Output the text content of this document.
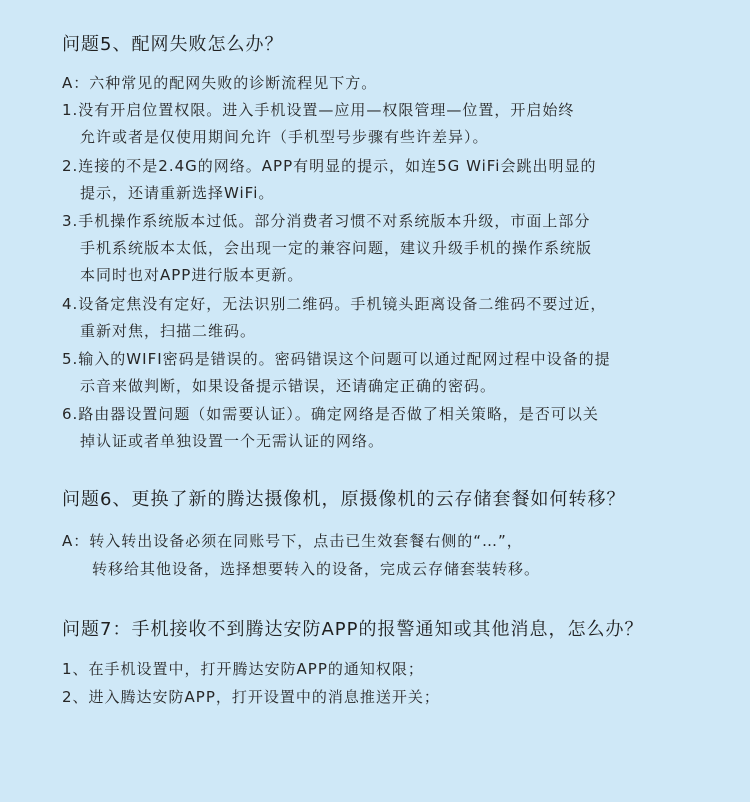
问题5、配网失败怎么办？
A：六种常见的配网失败的诊断流程见下方。
1.没有开启位置权限。进入手机设置—应用—权限管理—位置，开启始终
允许或者是仅使用期间允许（手机型号步骤有些许差异）。
2.连接的不是2.4G的网络。APP有明显的提示，如连5G WiFi会跳出明显的
提示，还请重新选择WiFi。
3.手机操作系统版本过低。部分消费者习惯不对系统版本升级，市面上部分
手机系统版本太低，会出现一定的兼容问题，建议升级手机的操作系统版
本同时也对APP进行版本更新。
4.设备定焦没有定好，无法识别二维码。手机镜头距离设备二维码不要过近，
重新对焦，扫描二维码。
5.输入的WIFI密码是错误的。密码错误这个问题可以通过配网过程中设备的提
示音来做判断，如果设备提示错误，还请确定正确的密码。
6.路由器设置问题（如需要认证）。确定网络是否做了相关策略，是否可以关
掉认证或者单独设置一个无需认证的网络。
问题6、更换了新的腾达摄像机，原摄像机的云存储套餐如何转移？
A：转入转出设备必须在同账号下，点击已生效套餐右侧的“…”，
转移给其他设备，选择想要转入的设备，完成云存储套装转移。
问题7：手机接收不到腾达安防APP的报警通知或其他消息，怎么办？
1、在手机设置中，打开腾达安防APP的通知权限；
2、进入腾达安防APP，打开设置中的消息推送开关；
